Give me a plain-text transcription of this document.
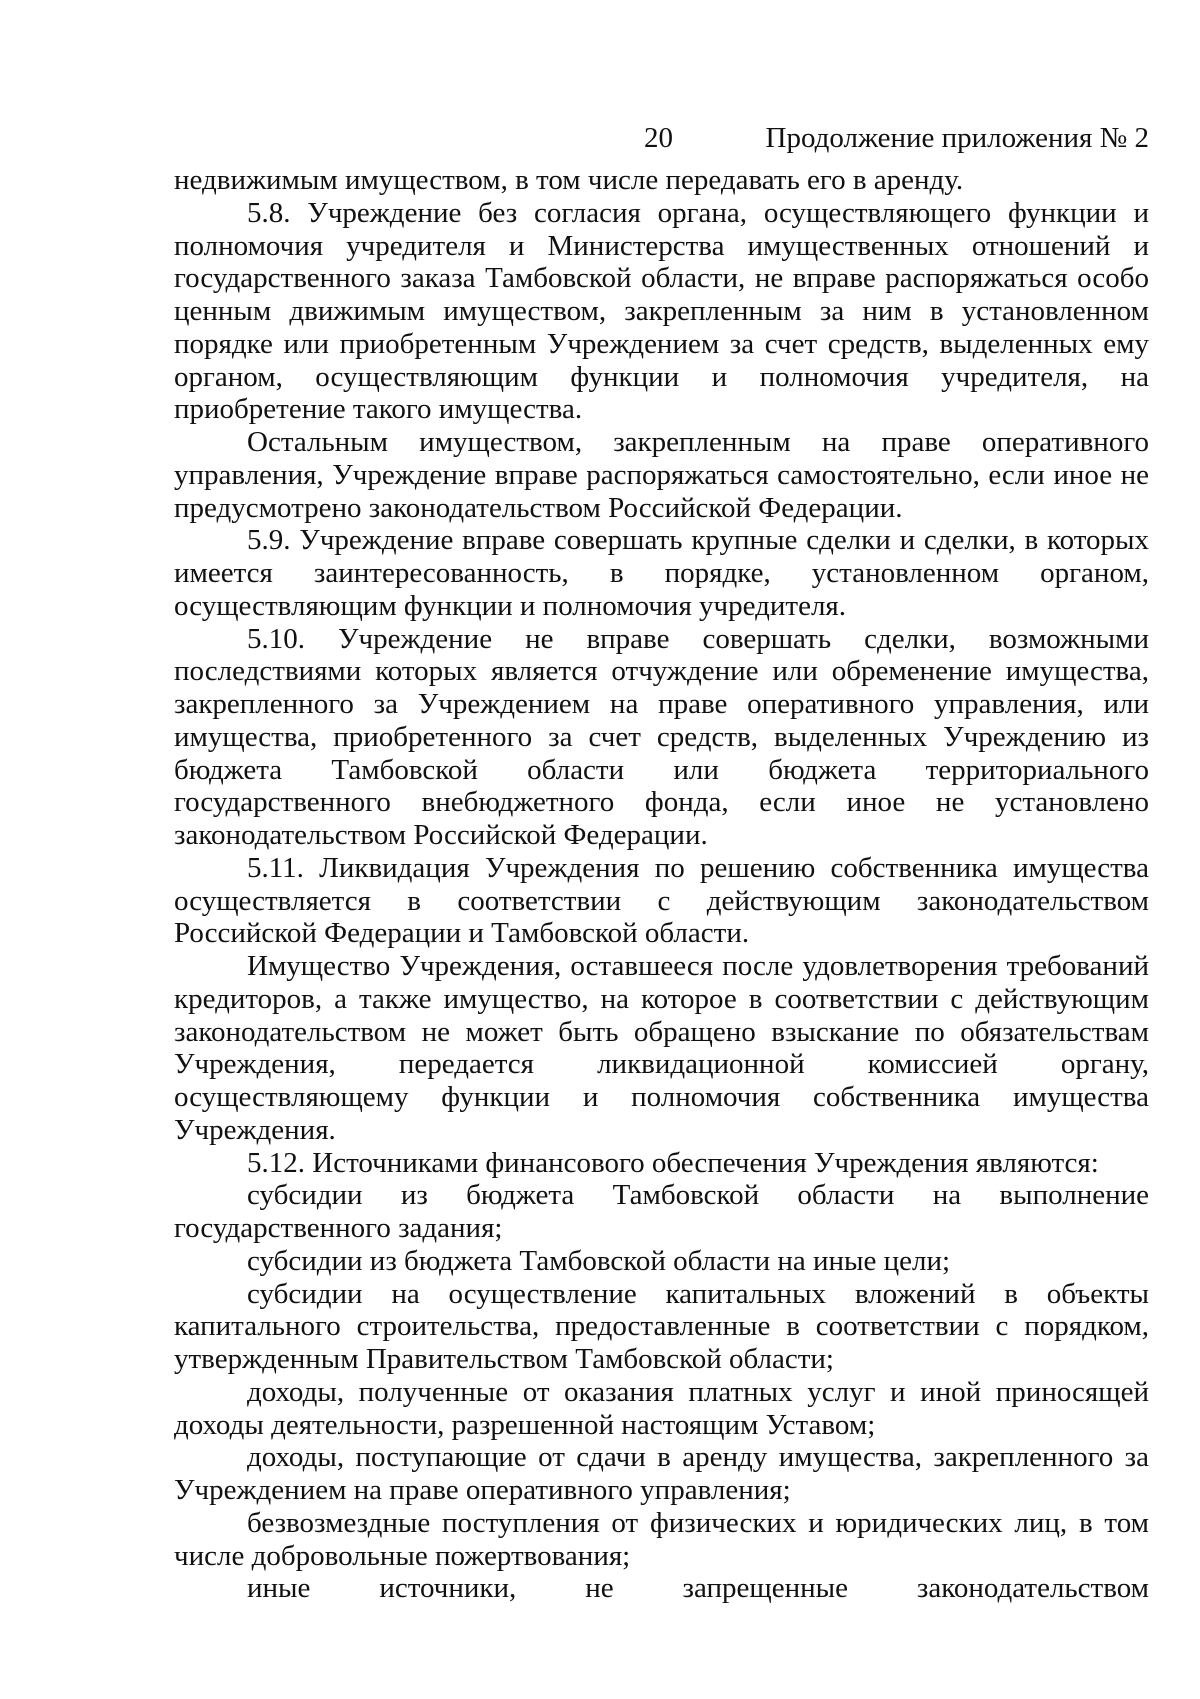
20	Продолжение приложения № 2

недвижимым имуществом, в том числе передавать его в аренду.

5.8. Учреждение без согласия органа, осуществляющего функции и полномочия учредителя и Министерства имущественных отношений и государственного заказа Тамбовской области, не вправе распоряжаться особо ценным движимым имуществом, закрепленным за ним в установленном порядке или приобретенным Учреждением за счет средств, выделенных ему органом, осуществляющим функции и полномочия учредителя, на приобретение такого имущества.

Остальным имуществом, закрепленным на праве оперативного управления, Учреждение вправе распоряжаться самостоятельно, если иное не предусмотрено законодательством Российской Федерации.

5.9. Учреждение вправе совершать крупные сделки и сделки, в которых имеется заинтересованность, в порядке, установленном органом, осуществляющим функции и полномочия учредителя.

5.10. Учреждение не вправе совершать сделки, возможными последствиями которых является отчуждение или обременение имущества, закрепленного за Учреждением на праве оперативного управления, или имущества, приобретенного за счет средств, выделенных Учреждению из бюджета Тамбовской области или бюджета территориального государственного внебюджетного фонда, если иное не установлено законодательством Российской Федерации.

5.11. Ликвидация Учреждения по решению собственника имущества осуществляется в соответствии с действующим законодательством Российской Федерации и Тамбовской области.

Имущество Учреждения, оставшееся после удовлетворения требований кредиторов, а также имущество, на которое в соответствии с действующим законодательством не может быть обращено взыскание по обязательствам Учреждения, передается ликвидационной комиссией органу, осуществляющему функции и полномочия собственника имущества Учреждения.

5.12. Источниками финансового обеспечения Учреждения являются:

субсидии из бюджета Тамбовской области на выполнение государственного задания;

субсидии из бюджета Тамбовской области на иные цели;

субсидии на осуществление капитальных вложений в объекты капитального строительства, предоставленные в соответствии с порядком, утвержденным Правительством Тамбовской области;

доходы, полученные от оказания платных услуг и иной приносящей доходы деятельности, разрешенной настоящим Уставом;

доходы, поступающие от сдачи в аренду имущества, закрепленного за Учреждением на праве оперативного управления;

безвозмездные поступления от физических и юридических лиц, в том числе добровольные пожертвования;

иные источники, не запрещенные законодательством
